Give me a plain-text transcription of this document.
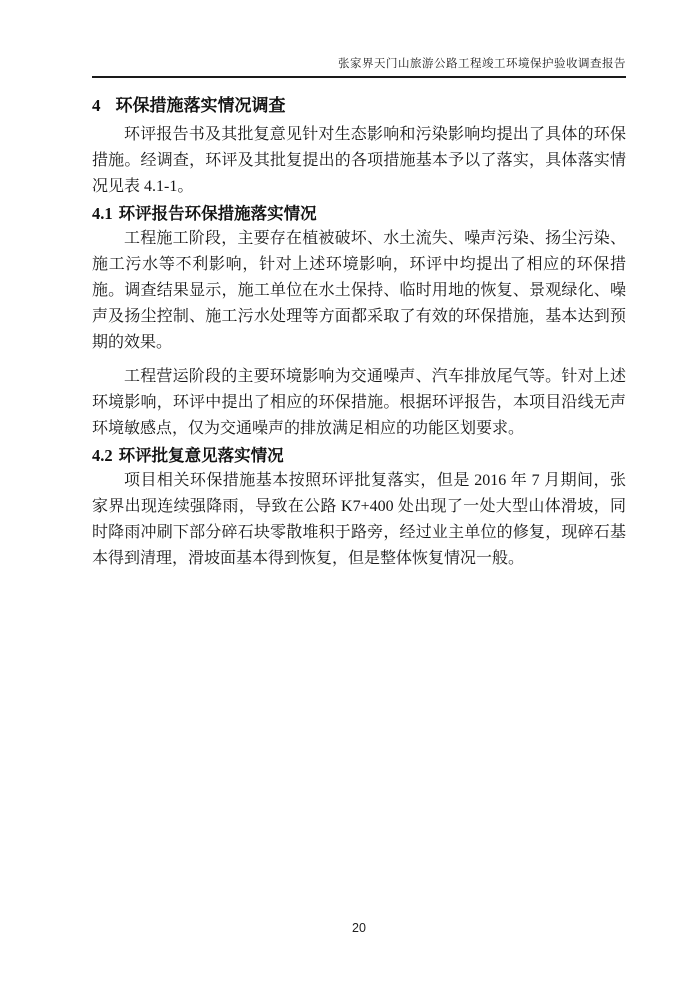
张家界天门山旅游公路工程竣工环境保护验收调查报告
4 环保措施落实情况调查

环评报告书及其批复意见针对生态影响和污染影响均提出了具体的环保措施。经调查，环评及其批复提出的各项措施基本予以了落实，具体落实情况见表 4.1-1。

4.1 环评报告环保措施落实情况

工程施工阶段，主要存在植被破坏、水土流失、噪声污染、扬尘污染、施工污水等不利影响，针对上述环境影响，环评中均提出了相应的环保措施。调查结果显示，施工单位在水土保持、临时用地的恢复、景观绿化、噪声及扬尘控制、施工污水处理等方面都采取了有效的环保措施，基本达到预期的效果。

工程营运阶段的主要环境影响为交通噪声、汽车排放尾气等。针对上述环境影响，环评中提出了相应的环保措施。根据环评报告，本项目沿线无声环境敏感点，仅为交通噪声的排放满足相应的功能区划要求。

4.2 环评批复意见落实情况

项目相关环保措施基本按照环评批复落实，但是 2016 年 7 月期间，张家界出现连续强降雨，导致在公路 K7+400 处出现了一处大型山体滑坡，同时降雨冲刷下部分碎石块零散堆积于路旁，经过业主单位的修复，现碎石基本得到清理，滑坡面基本得到恢复，但是整体恢复情况一般。

20
